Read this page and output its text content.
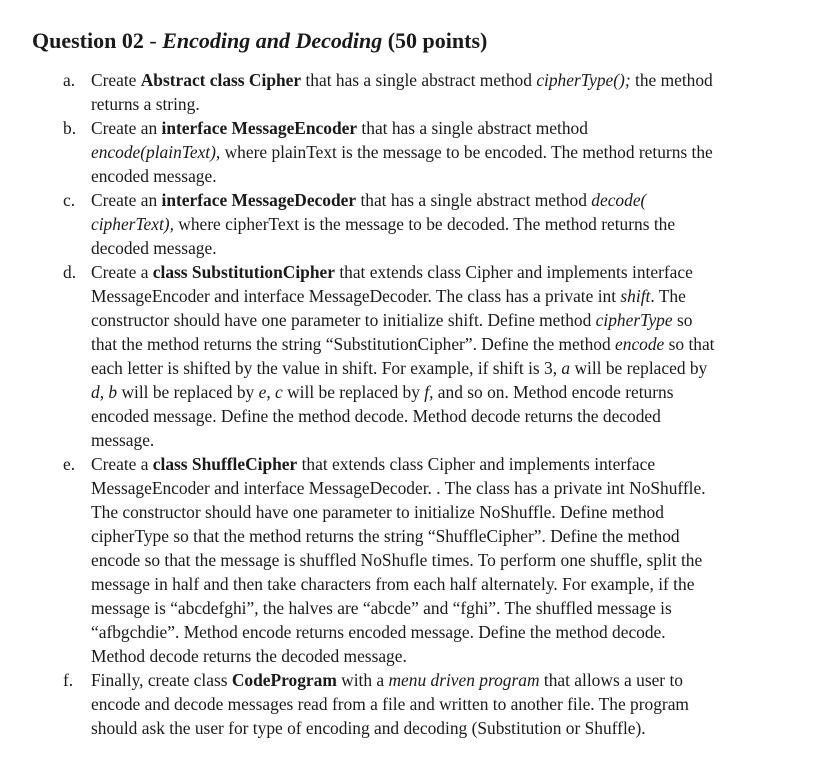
Question 02 - Encoding and Decoding (50 points)
a. Create Abstract class Cipher that has a single abstract method cipherType(); the method
returns a string.
b. Create an interface MessageEncoder that has a single abstract method
encode(plainText), where plainText is the message to be encoded. The method returns the
encoded message.
c. Create an interface MessageDecoder that has a single abstract method decode(
cipherText), where cipherText is the message to be decoded. The method returns the
decoded message.
d. Create a class SubstitutionCipher that extends class Cipher and implements interface
MessageEncoder and interface MessageDecoder. The class has a private int shift. The
constructor should have one parameter to initialize shift. Define method cipherType so
that the method returns the string “SubstitutionCipher”. Define the method encode so that
each letter is shifted by the value in shift. For example, if shift is 3, a will be replaced by
d, b will be replaced by e, c will be replaced by f, and so on. Method encode returns
encoded message. Define the method decode. Method decode returns the decoded
message.
e. Create a class ShuffleCipher that extends class Cipher and implements interface
MessageEncoder and interface MessageDecoder. . The class has a private int NoShuffle.
The constructor should have one parameter to initialize NoShuffle. Define method
cipherType so that the method returns the string “ShuffleCipher”. Define the method
encode so that the message is shuffled NoShufle times. To perform one shuffle, split the
message in half and then take characters from each half alternately. For example, if the
message is “abcdefghi”, the halves are “abcde” and “fghi”. The shuffled message is
“afbgchdie”. Method encode returns encoded message. Define the method decode.
Method decode returns the decoded message.
f. Finally, create class CodeProgram with a menu driven program that allows a user to
encode and decode messages read from a file and written to another file. The program
should ask the user for type of encoding and decoding (Substitution or Shuffle).
